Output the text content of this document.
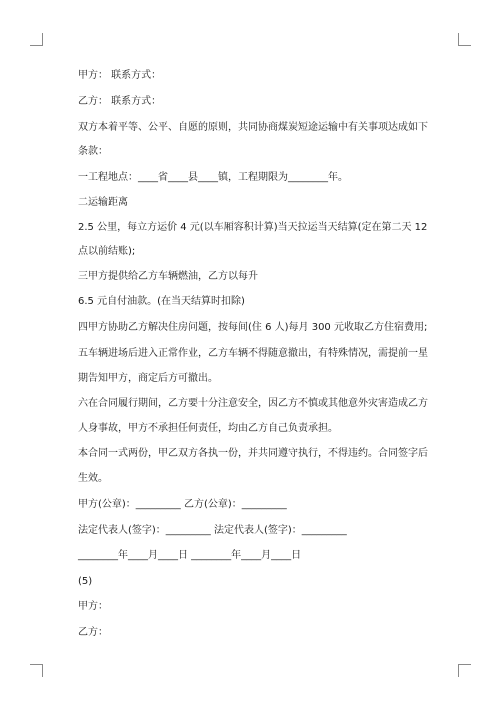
甲方： 联系方式：
乙方： 联系方式：
双方本着平等、公平、自愿的原则，共同协商煤炭短途运输中有关事项达成如下
条款：
一工程地点：____省____县____镇，工程期限为________年。
二运输距离
2.5 公里，每立方运价 4 元(以车厢容积计算)当天拉运当天结算(定在第二天 12
点以前结账);
三甲方提供给乙方车辆燃油，乙方以每升
6.5 元自付油款。(在当天结算时扣除)
四甲方协助乙方解决住房问题，按每间(住 6 人)每月 300 元收取乙方住宿费用;
五车辆进场后进入正常作业，乙方车辆不得随意撤出，有特殊情况，需提前一星
期告知甲方，商定后方可撤出。
六在合同履行期间，乙方要十分注意安全，因乙方不慎或其他意外灾害造成乙方
人身事故，甲方不承担任何责任，均由乙方自己负责承担。
本合同一式两份，甲乙双方各执一份，并共同遵守执行，不得违约。合同签字后
生效。
甲方(公章)：_________ 乙方(公章)：_________
法定代表人(签字)：_________ 法定代表人(签字)：_________
________年____月____日 ________年____月____日
(5)
甲方：
乙方：
